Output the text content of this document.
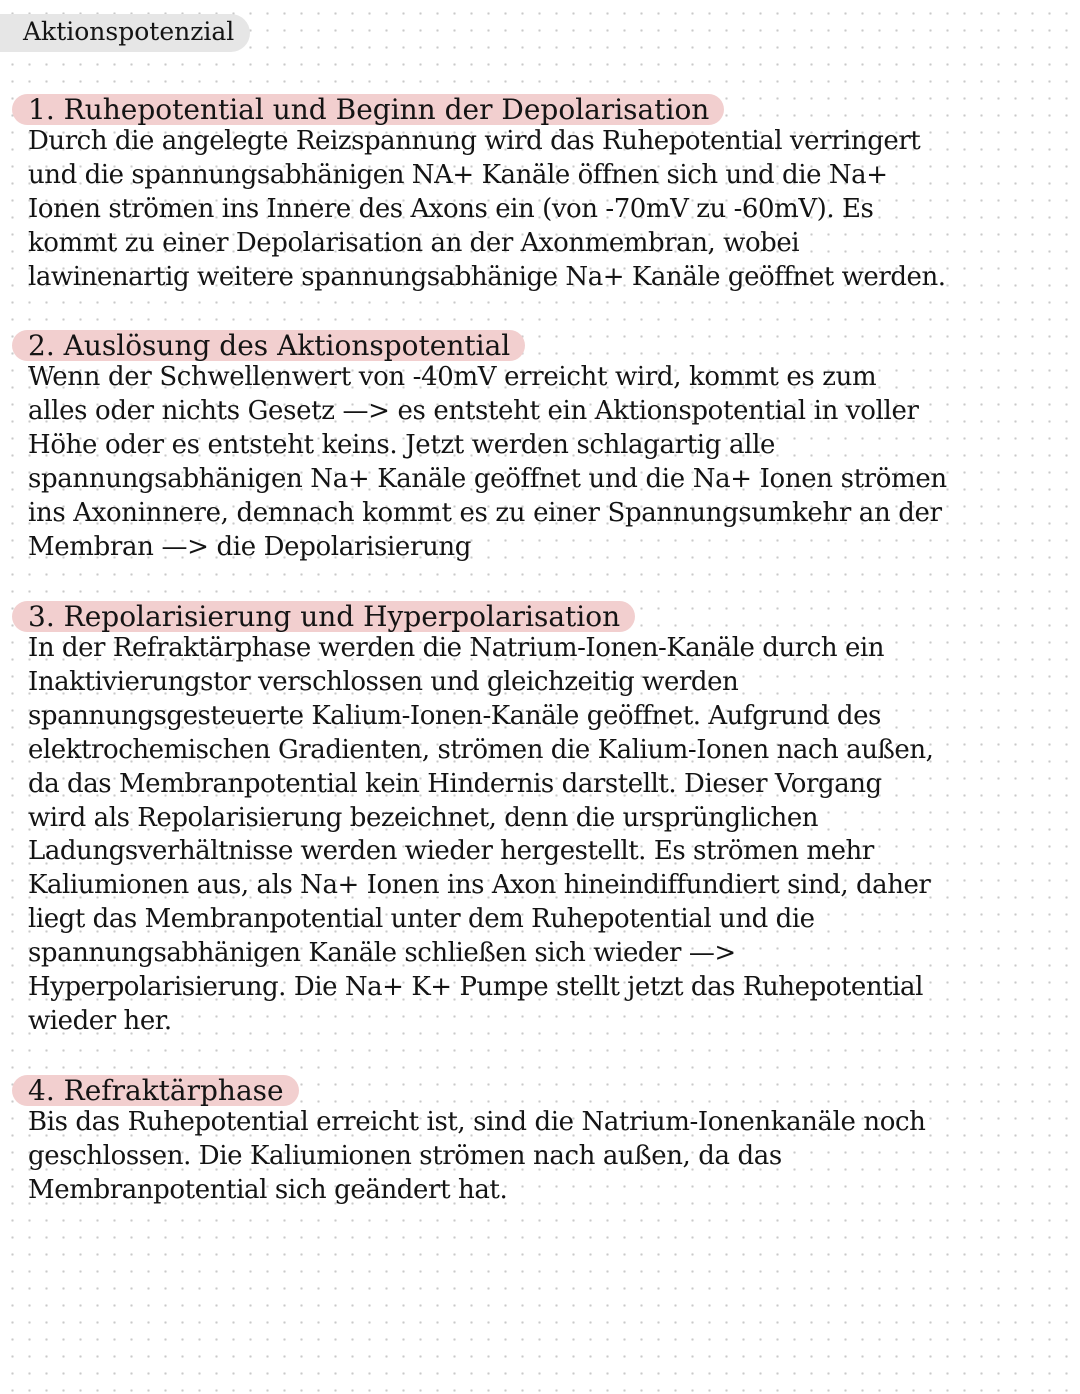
Aktionspotenzial
1. Ruhepotential und Beginn der Depolarisation

Durch die angelegte Reizspannung wird das Ruhepotential verringert
und die spannungsabhänigen NA+ Kanäle öffnen sich und die Na+
Ionen strömen ins Innere des Axons ein (von -70mV zu -60mV). Es
kommt zu einer Depolarisation an der Axonmembran, wobei
lawinenartig weitere spannungsabhänige Na+ Kanäle geöffnet werden.

2. Auslösung des Aktionspotential

Wenn der Schwellenwert von -40mV erreicht wird, kommt es zum
alles oder nichts Gesetz —> es entsteht ein Aktionspotential in voller
Höhe oder es entsteht keins. Jetzt werden schlagartig alle
spannungsabhänigen Na+ Kanäle geöffnet und die Na+ Ionen strömen
ins Axoninnere, demnach kommt es zu einer Spannungsumkehr an der
Membran —> die Depolarisierung

3. Repolarisierung und Hyperpolarisation

In der Refraktärphase werden die Natrium-Ionen-Kanäle durch ein
Inaktivierungstor verschlossen und gleichzeitig werden
spannungsgesteuerte Kalium-Ionen-Kanäle geöffnet. Aufgrund des
elektrochemischen Gradienten, strömen die Kalium-Ionen nach außen,
da das Membranpotential kein Hindernis darstellt. Dieser Vorgang
wird als Repolarisierung bezeichnet, denn die ursprünglichen
Ladungsverhältnisse werden wieder hergestellt. Es strömen mehr
Kaliumionen aus, als Na+ Ionen ins Axon hineindiffundiert sind, daher
liegt das Membranpotential unter dem Ruhepotential und die
spannungsabhänigen Kanäle schließen sich wieder —>
Hyperpolarisierung. Die Na+ K+ Pumpe stellt jetzt das Ruhepotential
wieder her.

4. Refraktärphase

Bis das Ruhepotential erreicht ist, sind die Natrium-Ionenkanäle noch
geschlossen. Die Kaliumionen strömen nach außen, da das
Membranpotential sich geändert hat.
